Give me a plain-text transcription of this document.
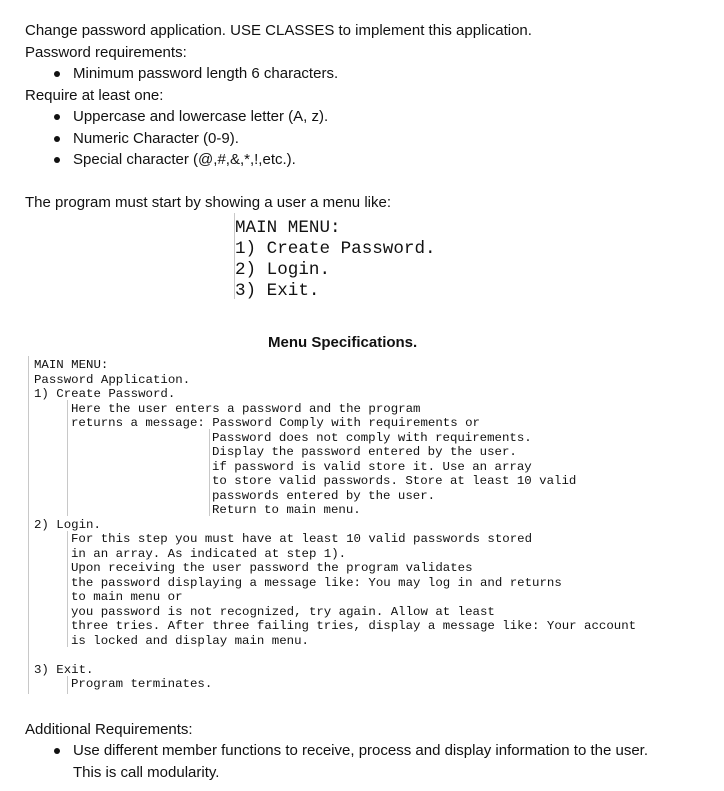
Change password application. USE CLASSES to implement this application.
Password requirements:
Minimum password length 6 characters.
Require at least one:
Uppercase and lowercase letter (A, z).
Numeric Character (0-9).
Special character (@,#,&,*,!,etc.).
The program must start by showing a user a menu like:
MAIN MENU:
1) Create Password.
2) Login.
3) Exit.
Menu Specifications.
MAIN MENU:
Password Application.
1) Create Password.
Here the user enters a password and the program
returns a message: Password Comply with requirements or
Password does not comply with requirements.
Display the password entered by the user.
if password is valid store it. Use an array
to store valid passwords. Store at least 10 valid
passwords entered by the user.
Return to main menu.
2) Login.
For this step you must have at least 10 valid passwords stored
in an array. As indicated at step 1).
Upon receiving the user password the program validates
the password displaying a message like: You may log in and returns
to main menu or
you password is not recognized, try again. Allow at least
three tries. After three failing tries, display a message like: Your account
is locked and display main menu.
3) Exit.
Program terminates.
Additional Requirements:
Use different member functions to receive, process and display information to the user.
This is call modularity.
